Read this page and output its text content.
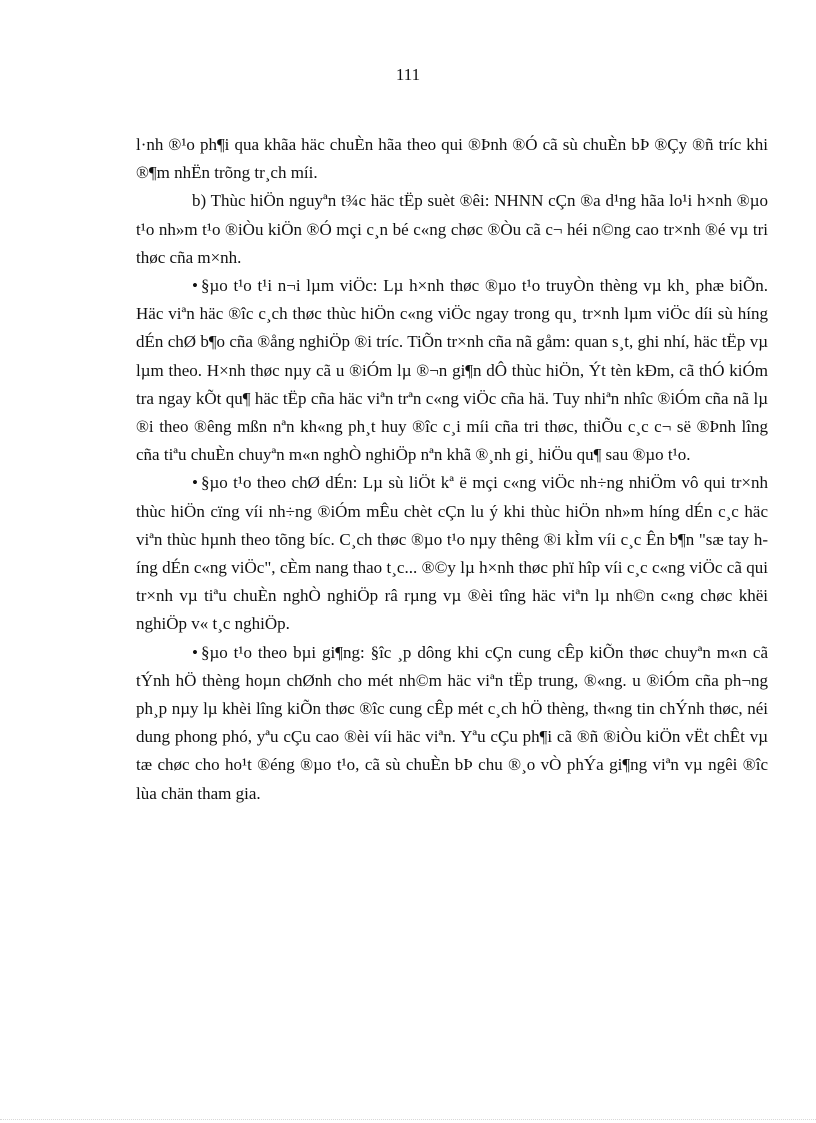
111

l·nh ®¹o ph¶i qua khãa häc chuÈn hãa theo qui ®Þnh ®Ó cã sù chuÈn bÞ ®Çy ®ñ tríc khi ®¶m nhËn trõng tr¸ch míi.

b) Thùc hiÖn nguyªn t¾c häc tËp suèt ®êi: NHNN cÇn ®a d¹ng hãa lo¹i h×nh ®µo t¹o nh»m t¹o ®iÒu kiÖn ®Ó mçi c¸n bé c«ng chøc ®Òu cã c¬ héi n©ng cao tr×nh ®é vµ tri thøc cña m×nh.

• §µo t¹o t¹i n¬i lµm viÖc: Lµ h×nh thøc ®µo t¹o truyÒn thèng vµ kh¸ phæ biÕn. Häc viªn häc ®îc c¸ch thøc thùc hiÖn c«ng viÖc ngay trong qu¸ tr×nh lµm viÖc díi sù híng dÉn chØ b¶o cña ®ång nghiÖp ®i tríc. TiÕn tr×nh cña nã gåm: quan s¸t, ghi nhí, häc tËp vµ lµm theo. H×nh thøc nµy cã u ®iÓm lµ ®¬n gi¶n dÔ thùc hiÖn, Ýt tèn kÐm, cã thÓ kiÓm tra ngay kÕt qu¶ häc tËp cña häc viªn trªn c«ng viÖc cña hä. Tuy nhiªn nhîc ®iÓm cña nã lµ ®i theo ®êng mßn nªn kh«ng ph¸t huy ®îc c¸i míi cña tri thøc, thiÕu c¸c c¬ së ®Þnh lîng cña tiªu chuÈn chuyªn m«n nghÒ nghiÖp nªn khã ®¸nh gi¸ hiÖu qu¶ sau ®µo t¹o.

• §µo t¹o theo chØ dÉn: Lµ sù liÖt kª ë mçi c«ng viÖc nh÷ng nhiÖm vô qui tr×nh thùc hiÖn cïng víi nh÷ng ®iÓm mÊu chèt cÇn lu ý khi thùc hiÖn nh»m híng dÉn c¸c häc viªn thùc hµnh theo tõng bíc. C¸ch thøc ®µo t¹o nµy thêng ®i kÌm víi c¸c Ên b¶n "sæ tay híng dÉn c«ng viÖc", cÈm nang thao t¸c... ®©y lµ h×nh thøc phï hîp víi c¸c c«ng viÖc cã qui tr×nh vµ tiªu chuÈn nghÒ nghiÖp râ rµng vµ ®èi tîng häc viªn lµ nh©n c«ng chøc khëi nghiÖp v« t¸c nghiÖp.

• §µo t¹o theo bµi gi¶ng: §îc ¸p dông khi cÇn cung cÊp kiÕn thøc chuyªn m«n cã tÝnh hÖ thèng hoµn chØnh cho mét nh©m häc viªn tËp trung, ®«ng. u ®iÓm cña ph¬ng ph¸p nµy lµ khèi lîng kiÕn thøc ®îc cung cÊp mét c¸ch hÖ thèng, th«ng tin chÝnh thøc, néi dung phong phó, yªu cÇu cao ®èi víi häc viªn. Yªu cÇu ph¶i cã ®ñ ®iÒu kiÖn vËt chÊt vµ tæ chøc cho ho¹t ®éng ®µo t¹o, cã sù chuÈn bÞ chu ®¸o vÒ phÝa gi¶ng viªn vµ ngêi ®îc lùa chän tham gia.
